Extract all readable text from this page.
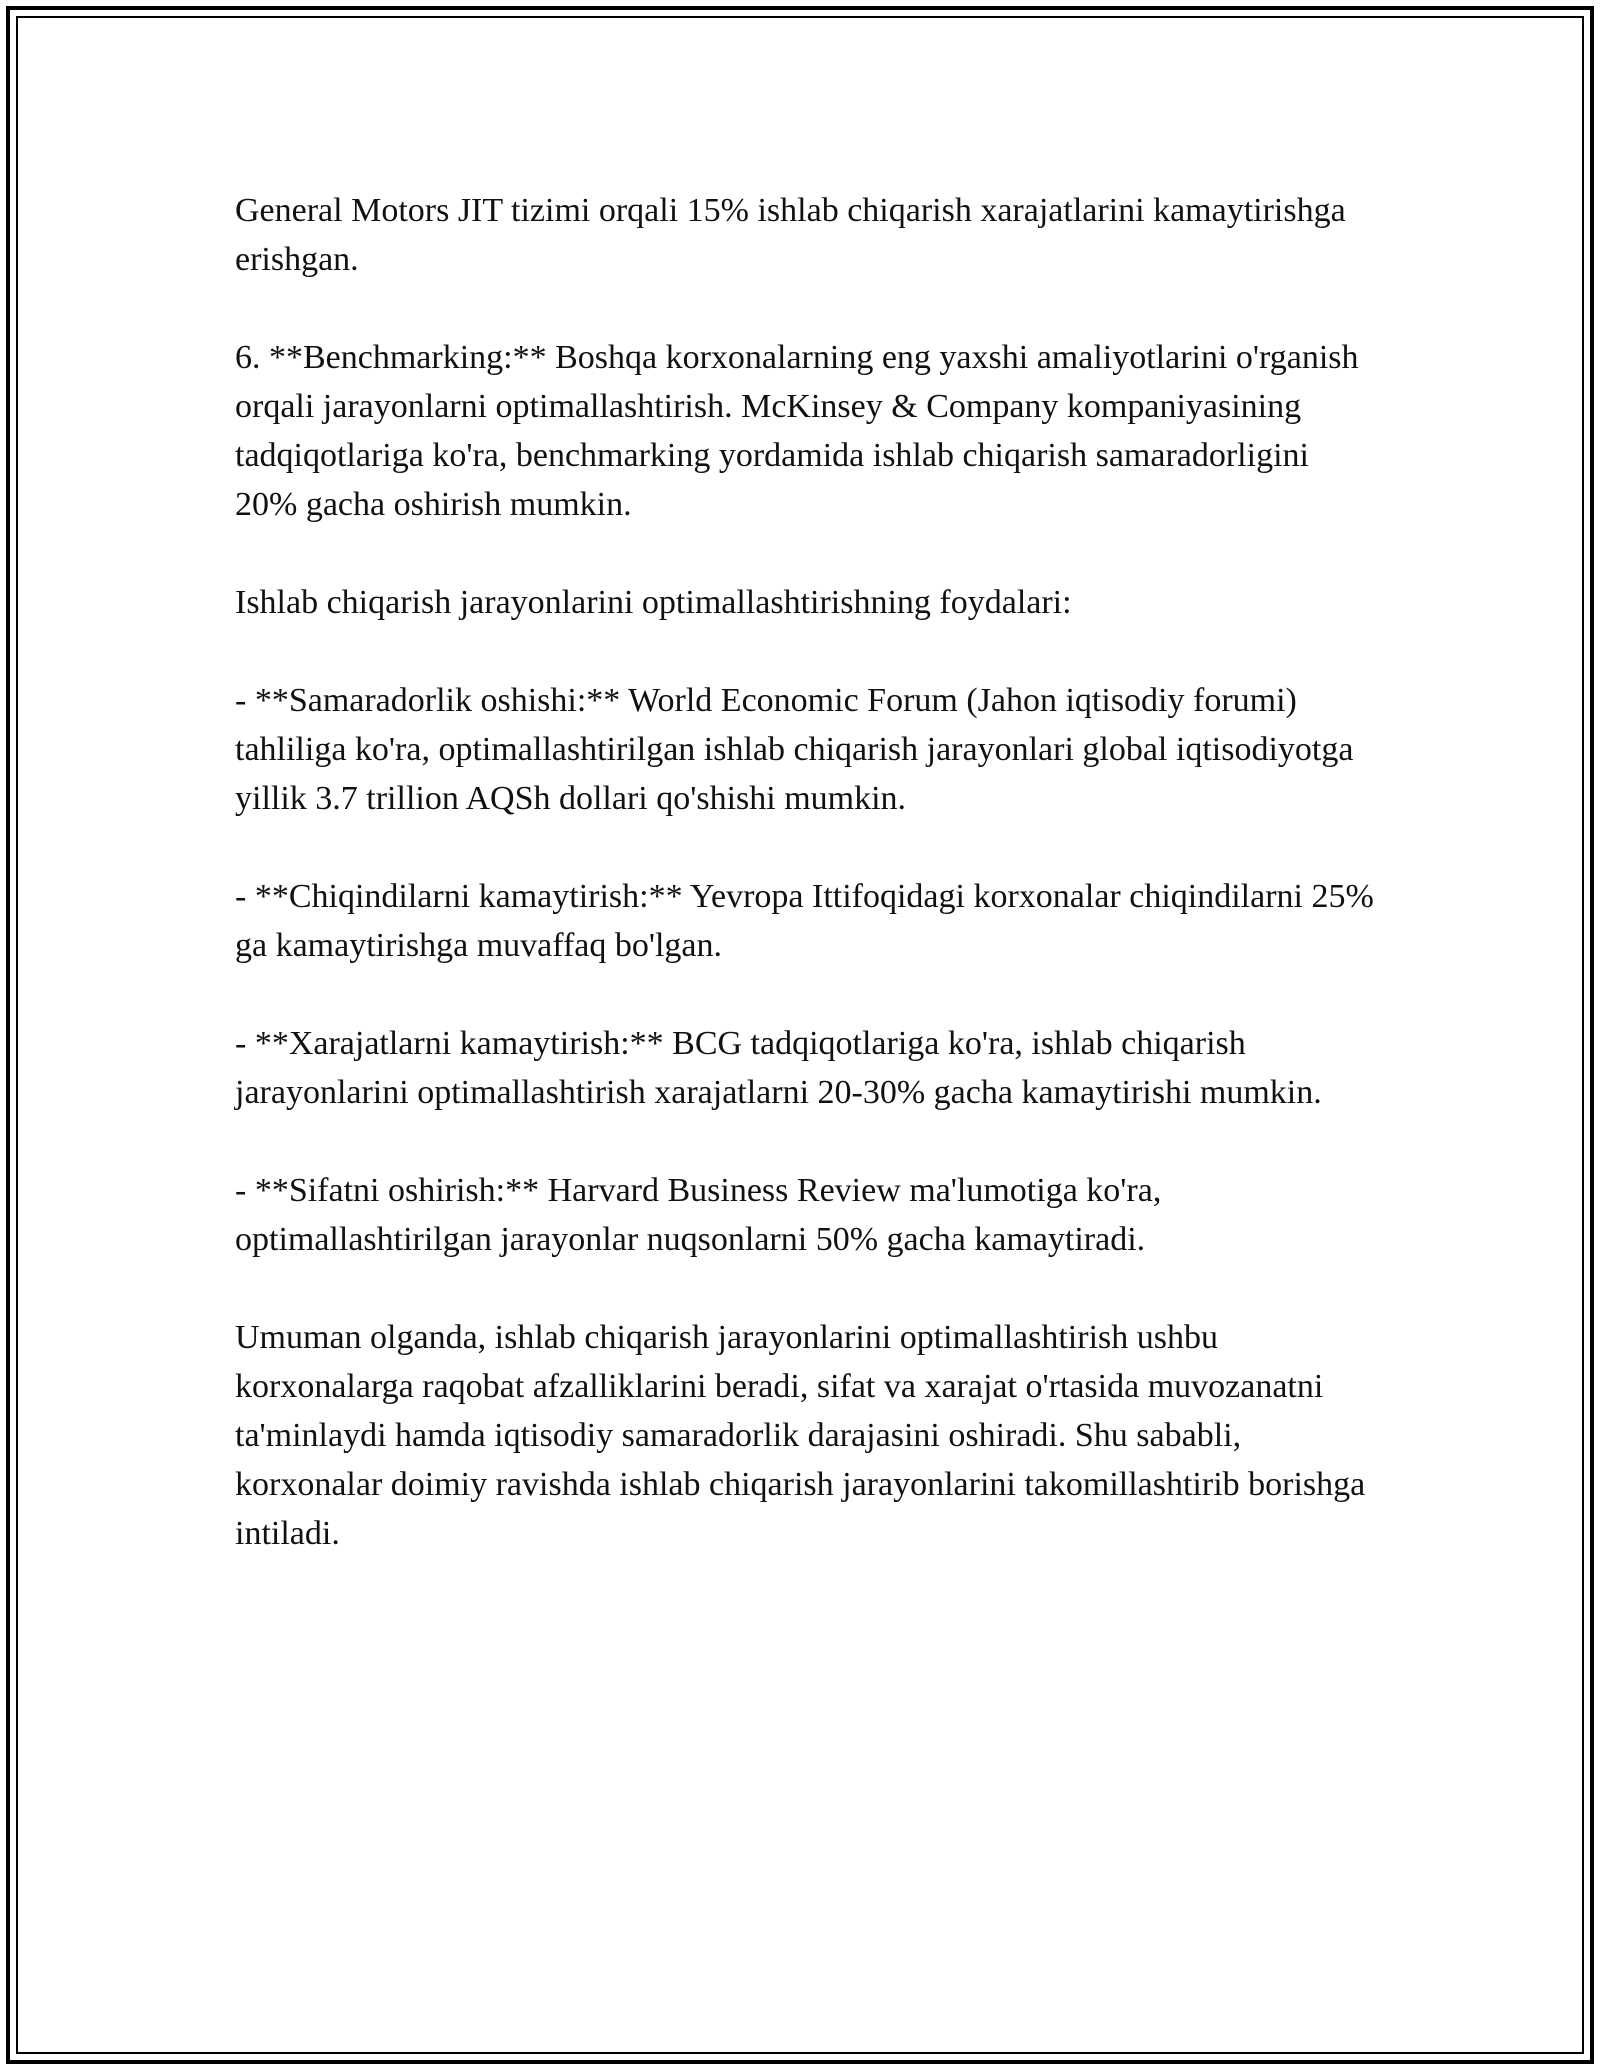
General Motors JIT tizimi orqali 15% ishlab chiqarish xarajatlarini kamaytirishga erishgan.

6. **Benchmarking:** Boshqa korxonalarning eng yaxshi amaliyotlarini o'rganish orqali jarayonlarni optimallashtirish. McKinsey & Company kompaniyasining tadqiqotlariga ko'ra, benchmarking yordamida ishlab chiqarish samaradorligini 20% gacha oshirish mumkin.

Ishlab chiqarish jarayonlarini optimallashtirishning foydalari:

- **Samaradorlik oshishi:** World Economic Forum (Jahon iqtisodiy forumi) tahliliga ko'ra, optimallashtirilgan ishlab chiqarish jarayonlari global iqtisodiyotga yillik 3.7 trillion AQSh dollari qo'shishi mumkin.

- **Chiqindilarni kamaytirish:** Yevropa Ittifoqidagi korxonalar chiqindilarni 25% ga kamaytirishga muvaffaq bo'lgan.

- **Xarajatlarni kamaytirish:** BCG tadqiqotlariga ko'ra, ishlab chiqarish jarayonlarini optimallashtirish xarajatlarni 20-30% gacha kamaytirishi mumkin.

- **Sifatni oshirish:** Harvard Business Review ma'lumotiga ko'ra, optimallashtirilgan jarayonlar nuqsonlarni 50% gacha kamaytiradi.

Umuman olganda, ishlab chiqarish jarayonlarini optimallashtirish ushbu korxonalarga raqobat afzalliklarini beradi, sifat va xarajat o'rtasida muvozanatni ta'minlaydi hamda iqtisodiy samaradorlik darajasini oshiradi. Shu sababli, korxonalar doimiy ravishda ishlab chiqarish jarayonlarini takomillashtirib borishga intiladi.
